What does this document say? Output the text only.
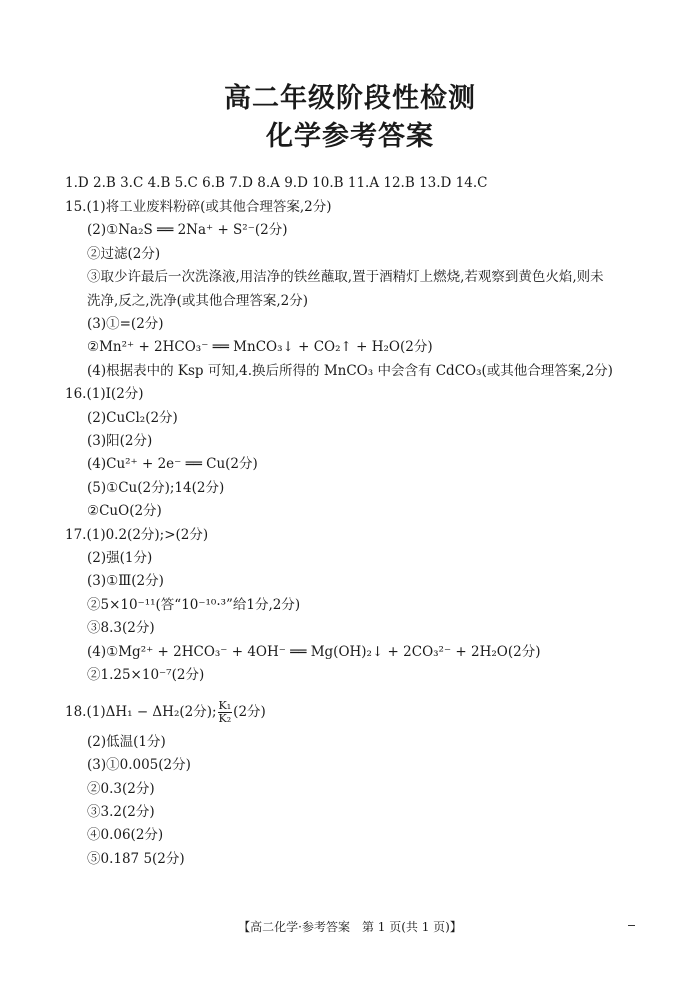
高二年级阶段性检测
化学参考答案
1.D 2.B 3.C 4.B 5.C 6.B 7.D 8.A 9.D 10.B 11.A 12.B 13.D 14.C
15.(1)将工业废料粉碎(或其他合理答案,2分)
(2)①Na₂S ══ 2Na⁺ + S²⁻(2分)
②过滤(2分)
③取少许最后一次洗涤液,用洁净的铁丝蘸取,置于酒精灯上燃烧,若观察到黄色火焰,则未
洗净,反之,洗净(或其他合理答案,2分)
(3)①=(2分)
②Mn²⁺ + 2HCO₃⁻ ══ MnCO₃↓ + CO₂↑ + H₂O(2分)
(4)根据表中的 Ksp 可知,4.换后所得的 MnCO₃ 中会含有 CdCO₃(或其他合理答案,2分)
16.(1)Ⅰ(2分)
(2)CuCl₂(2分)
(3)阳(2分)
(4)Cu²⁺ + 2e⁻ ══ Cu(2分)
(5)①Cu(2分);14(2分)
②CuO(2分)
17.(1)0.2(2分);>(2分)
(2)强(1分)
(3)①Ⅲ(2分)
②5×10⁻¹¹(答“10⁻¹⁰·³”给1分,2分)
③8.3(2分)
(4)①Mg²⁺ + 2HCO₃⁻ + 4OH⁻ ══ Mg(OH)₂↓ + 2CO₃²⁻ + 2H₂O(2分)
②1.25×10⁻⁷(2分)
18.(1)ΔH₁ − ΔH₂(2分); $\frac{\text{K₁}}{\text{K₂}} (2$分)
(2)低温(1分)
(3)①0.005(2分)
②0.3(2分)
③3.2(2分)
④0.06(2分)
⑤0.187 5(2分)
【高二化学·参考答案　第 1 页(共 1 页)】
